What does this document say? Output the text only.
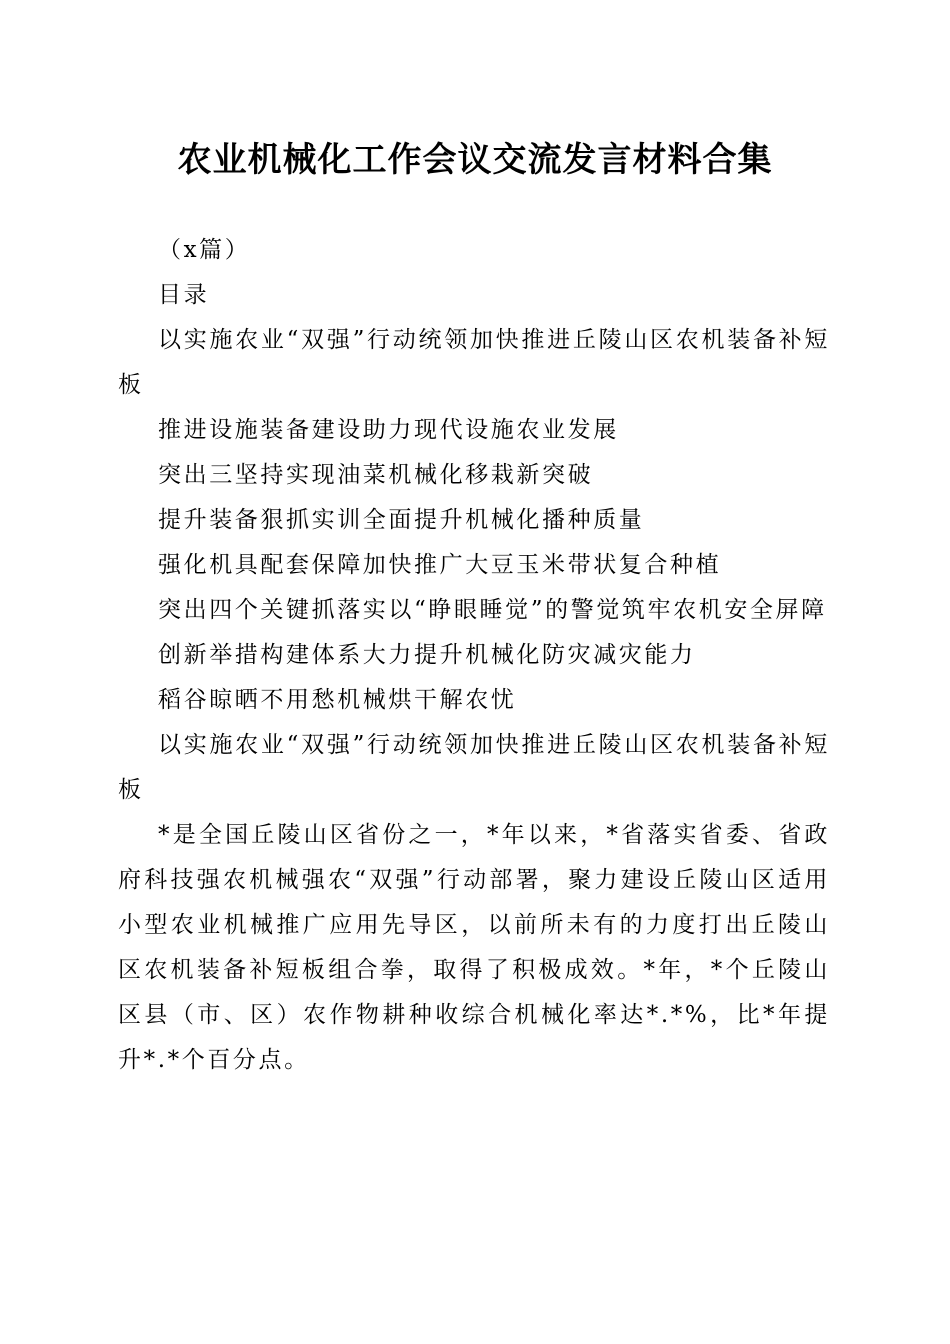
农业机械化工作会议交流发言材料合集

（x篇）

目录

以实施农业“双强”行动统领加快推进丘陵山区农机装备补短板

推进设施装备建设助力现代设施农业发展

突出三坚持实现油菜机械化移栽新突破

提升装备狠抓实训全面提升机械化播种质量

强化机具配套保障加快推广大豆玉米带状复合种植

突出四个关键抓落实以“睁眼睡觉”的警觉筑牢农机安全屏障

创新举措构建体系大力提升机械化防灾减灾能力

稻谷晾晒不用愁机械烘干解农忧

以实施农业“双强”行动统领加快推进丘陵山区农机装备补短板

*是全国丘陵山区省份之一，*年以来，*省落实省委、省政府科技强农机械强农“双强”行动部署，聚力建设丘陵山区适用小型农业机械推广应用先导区，以前所未有的力度打出丘陵山区农机装备补短板组合拳，取得了积极成效。*年，*个丘陵山区县（市、区）农作物耕种收综合机械化率达*.*%，比*年提升*.*个百分点。
